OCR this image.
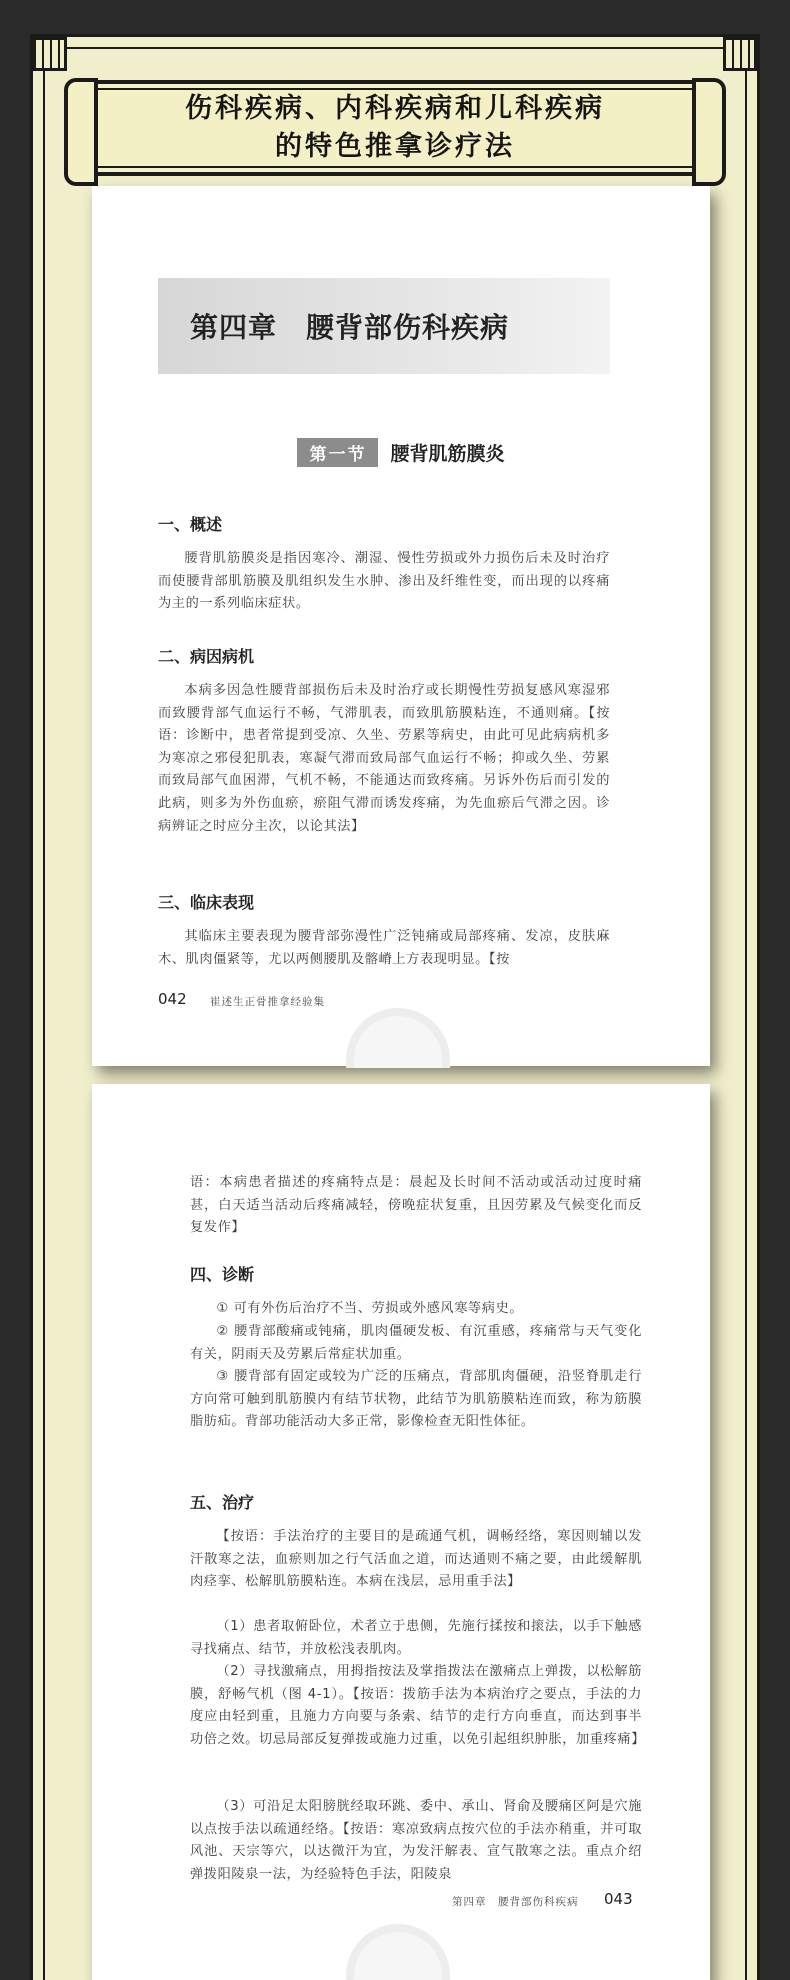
伤科疾病、内科疾病和儿科疾病
的特色推拿诊疗法
第四章　腰背部伤科疾病
第一节	腰背肌筋膜炎
一、概述
腰背肌筋膜炎是指因寒冷、潮湿、慢性劳损或外力损伤后未及时治疗而使腰背部肌筋膜及肌组织发生水肿、渗出及纤维性变，而出现的以疼痛为主的一系列临床症状。
二、病因病机
本病多因急性腰背部损伤后未及时治疗或长期慢性劳损复感风寒湿邪而致腰背部气血运行不畅，气滞肌表，而致肌筋膜粘连，不通则痛。【按语：诊断中，患者常提到受凉、久坐、劳累等病史，由此可见此病病机多为寒凉之邪侵犯肌表，寒凝气滞而致局部气血运行不畅；抑或久坐、劳累而致局部气血困滞，气机不畅，不能通达而致疼痛。另诉外伤后而引发的此病，则多为外伤血瘀，瘀阻气滞而诱发疼痛，为先血瘀后气滞之因。诊病辨证之时应分主次，以论其法】
三、临床表现
其临床主要表现为腰背部弥漫性广泛钝痛或局部疼痛、发凉，皮肤麻木、肌肉僵紧等，尤以两侧腰肌及髂嵴上方表现明显。【按
042 崔述生正骨推拿经验集
语：本病患者描述的疼痛特点是：晨起及长时间不活动或活动过度时痛甚，白天适当活动后疼痛减轻，傍晚症状复重，且因劳累及气候变化而反复发作】
四、诊断
① 可有外伤后治疗不当、劳损或外感风寒等病史。
② 腰背部酸痛或钝痛，肌肉僵硬发板、有沉重感，疼痛常与天气变化有关，阴雨天及劳累后常症状加重。
③ 腰背部有固定或较为广泛的压痛点，背部肌肉僵硬，沿竖脊肌走行方向常可触到肌筋膜内有结节状物，此结节为肌筋膜粘连而致，称为筋膜脂肪疝。背部功能活动大多正常，影像检查无阳性体征。
五、治疗
【按语：手法治疗的主要目的是疏通气机，调畅经络，寒因则辅以发汗散寒之法，血瘀则加之行气活血之道，而达通则不痛之要，由此缓解肌肉痉挛、松解肌筋膜粘连。本病在浅层，忌用重手法】
（1）患者取俯卧位，术者立于患侧，先施行揉按和㨰法，以手下触感寻找痛点、结节，并放松浅表肌肉。
（2）寻找激痛点，用拇指按法及掌指拨法在激痛点上弹拨，以松解筋膜，舒畅气机（图 4-1）。【按语：拨筋手法为本病治疗之要点，手法的力度应由轻到重，且施力方向要与条索、结节的走行方向垂直，而达到事半功倍之效。切忌局部反复弹拨或施力过重，以免引起组织肿胀，加重疼痛】
（3）可沿足太阳膀胱经取环跳、委中、承山、肾俞及腰痛区阿是穴施以点按手法以疏通经络。【按语：寒凉致病点按穴位的手法亦稍重，并可取风池、天宗等穴，以达微汗为宜，为发汗解表、宣气散寒之法。重点介绍弹拨阳陵泉一法，为经验特色手法，阳陵泉
第四章　腰背部伤科疾病 043
